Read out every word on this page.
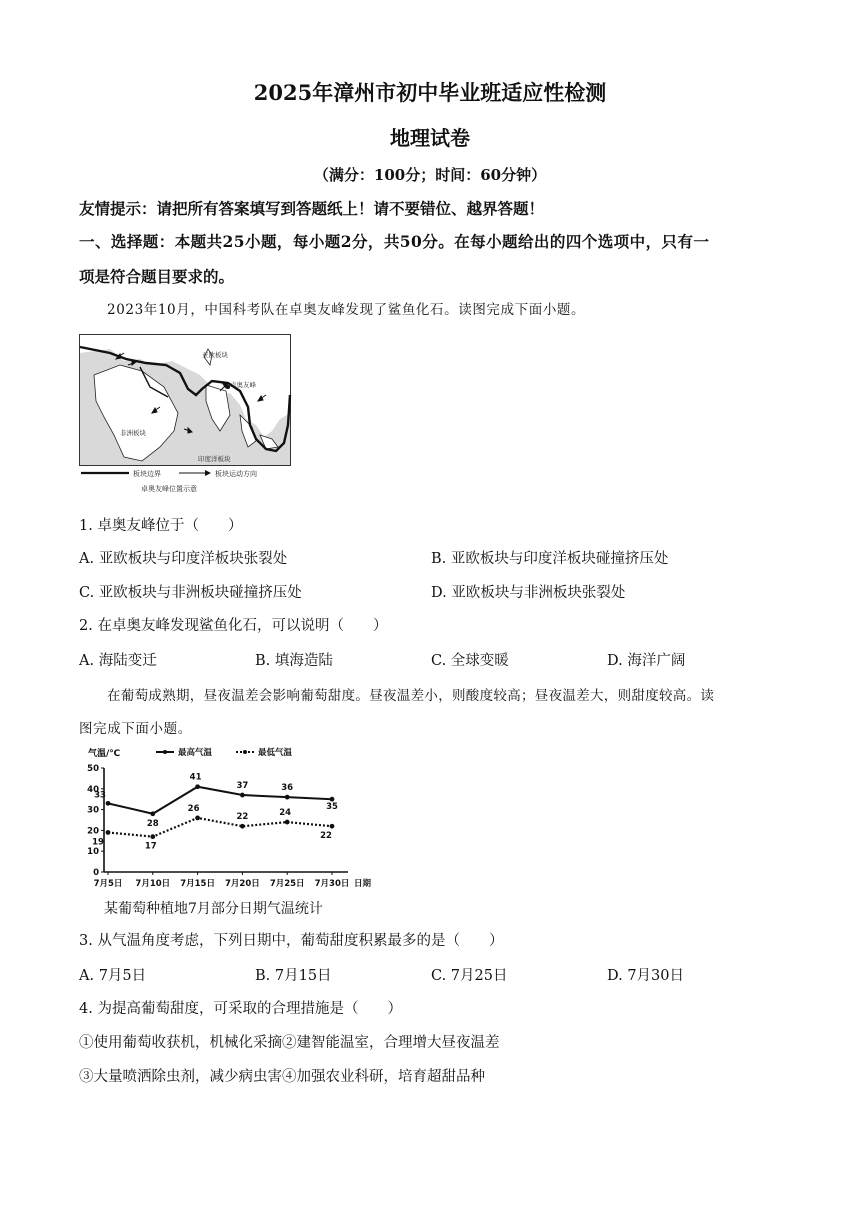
2025年漳州市初中毕业班适应性检测
地理试卷
（满分：100分；时间：60分钟）
友情提示：请把所有答案填写到答题纸上！请不要错位、越界答题！
一、选择题：本题共25小题，每小题2分，共50分。在每小题给出的四个选项中，只有一
项是符合题目要求的。
2023年10月，中国科考队在卓奥友峰发现了鲨鱼化石。读图完成下面小题。
亚欧板块
卓奥友峰
非洲板块
印度洋板块
板块边界	板块运动方向
卓奥友峰位置示意
1. 卓奥友峰位于（　　）
A. 亚欧板块与印度洋板块张裂处	B. 亚欧板块与印度洋板块碰撞挤压处
C. 亚欧板块与非洲板块碰撞挤压处	D. 亚欧板块与非洲板块张裂处
2. 在卓奥友峰发现鲨鱼化石，可以说明（　　）
A. 海陆变迁	B. 填海造陆	C. 全球变暖	D. 海洋广阔
在葡萄成熟期，昼夜温差会影响葡萄甜度。昼夜温差小，则酸度较高；昼夜温差大，则甜度较高。读
图完成下面小题。
0
10
20
30
40
50
气温/℃
7月5日 7月10日 7月15日 7月20日 7月25日 7月30日 日期
最高气温	最低气温
33
28
41
37	36
35
19	17
26
22	24
22
某葡萄种植地7月部分日期气温统计
3. 从气温角度考虑，下列日期中，葡萄甜度积累最多的是（　　）
A. 7月5日	B. 7月15日	C. 7月25日	D. 7月30日
4. 为提高葡萄甜度，可采取的合理措施是（　　）
①使用葡萄收获机，机械化采摘②建智能温室，合理增大昼夜温差
③大量喷洒除虫剂，减少病虫害④加强农业科研，培育超甜品种
